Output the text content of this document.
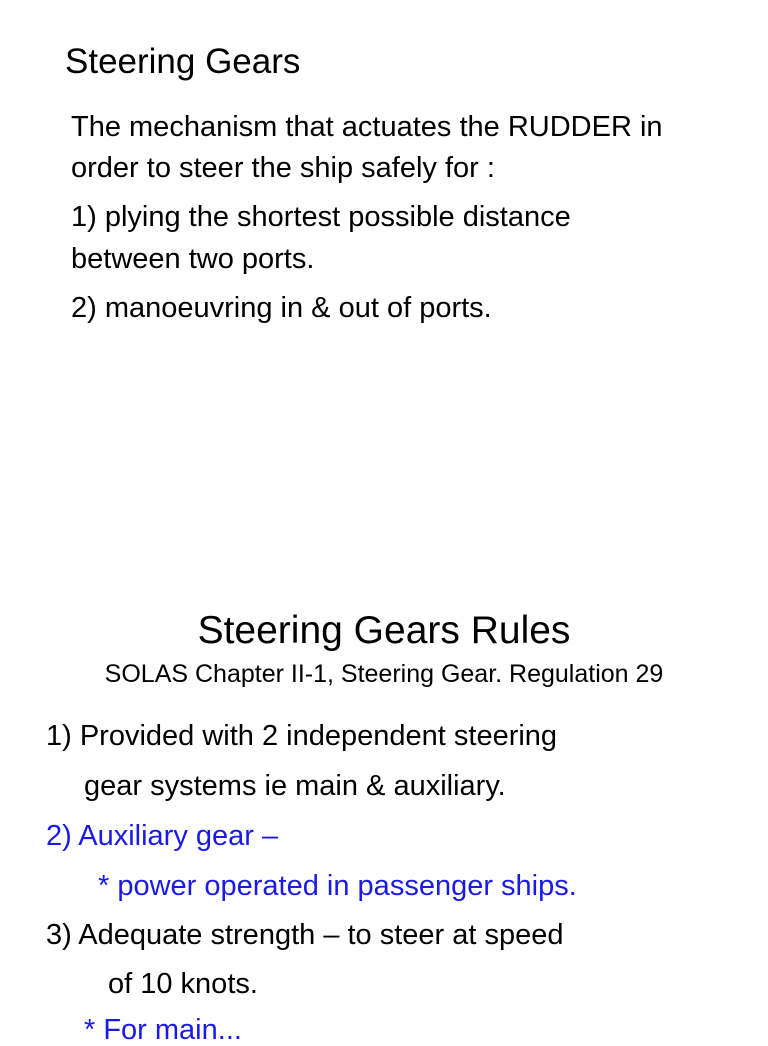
Steering Gears

The mechanism that actuates the RUDDER in

order to steer the ship safely for :

1) plying the shortest possible distance

between two ports.

2) manoeuvring in & out of ports.

Steering Gears Rules

SOLAS Chapter II-1, Steering Gear. Regulation 29

1) Provided with 2 independent steering

gear systems ie main & auxiliary.

2) Auxiliary gear –

* power operated in passenger ships.

3) Adequate strength – to steer at speed

of 10 knots.

* For main...
